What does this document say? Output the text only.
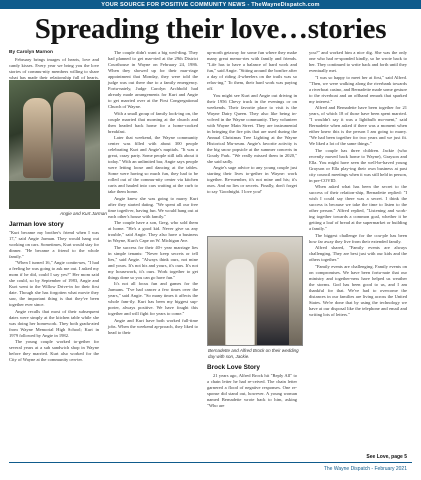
YOUR SOURCE FOR POSITIVE COMMUNITY NEWS - TheWayneDispatch.com
Spreading their love…stories
By Carolyn Marnon

February brings images of hearts, love and candy kisses. Every year we bring you the love stories of commu-nity members willing to share what has made their relationship full of hearts.

Angie and Kurt Jarman
Jarman love story

"Kurt became my brother's friend when I was 17," said Angie Jarman. They would hang out working on cars. Sometimes, Kurt would stay for dinner. "He became a friend to the whole family."

"When I turned 16," Angie contin-ues, "I had a feeling he was going to ask me out. I asked my mom if he did, could I say yes?" Her mom said she could, so by September of 1983, Angie and Kurt went to the Willow Drive-in for their first date. Though she has forgotten what movie they saw, the important thing is that they've been together ever since.

Angie recalls that most of their subsequent dates were simply at the kitchen table while she was doing her homework. They both gradu-ated from Wayne Memorial High School; Kurt in 1979 followed by Angie in 1982.

The young couple worked to-gether for several years at a sub sandwich shop in Wayne before they married. Kurt also worked for the City of Wayne at the community cen-ter.

The couple didn't want a big wed-ding. They had planned to get mar-ried at the 29th District Courthouse in Wayne on February 24, 1986. When they showed up for their mar-riage appointment that Monday, they were told the judge was out there due to a family emergency. Fortu-nately, Judge Carolyn Archbold had already made arrangements for Kurt and Angie to get married over at the First Congregational Church of Wayne.

With a small group of family look-ing on, the couple married that morning at the church and then headed back home for a home-cooked breakfast.

Later that weekend, the Wayne community center was filled with about 300 people celebrating Kurt and Angie's nuptials. "It was a great, crazy party. Some people still talk about it today." With an unlimited bar, Angie says people were letting loose and dancing at the tables. Some were having so much fun, they had to be rolled out of the commu-nity center via kitchen carts and hauled into cars waiting at the curb to take them home.

Angie knew she was going to marry Kurt after they started dating. "We spent all our free time togeth-er, having fun. We would hang out at each other's house with family."

The couple have a son, Greg, who sold them at home. "He's a good kid. Never give us any trouble," said Angie. They also have a business in Wayne, Kurt's Cape on W. Michigan Ave.

The success for their 40+ year marriage lies in simple tenants: "Never keep secrets or tell lies," said Angie. "Always think ours, not mine and yours. It's not his and yours, it's ours. It's not my housework, it's ours. Work together to get things done so you can go have fun."

It's not all focus fun and games for the Jarmans. "I've had cancer a few times over the years," said Angie. "So many times it affects the whole fam-ily. Kurt has been my biggest sup-porter, always positive. We have fought this together and will fight for years to come."

Angie and Kurt have both worked full-time jobs. When the weekend ap-proach, they liked to head to their

up-north getaway for some fun where they make many great memo-ries with family and friends. "Life has to have a balance of hard work and fun," said Angie. "Sitting around the bonfire after a day of riding 4-wheelers on the trails was so relax-ing." To them, their hard work was paying off.

You might see Kurt and Angie out driving in their 1956 Chevy truck in the evenings or on weekends. Their favorite place to visit is the Wayne Dairy Queen. They also like being in-volved in the Wayne community. They volunteer with Wayne Main Street. They are instrumental in bringing the fire pits that are used during the Annual Christmas Tree Lighting at the Wayne Historical Mu-seum. Angie's favorite activity is the big snow popsicle at the summer concerts in Goudy Park. "We really missed them in 2020," she said sadly.

Angie's sage advice to any young couple just starting their lives to-gether in Wayne: work together. Re-member, it's not mine and his; it's ours. And no lies or secrets. Finally, don't forget to say 'Goodnight. I love you!'

Bernadette and Alfred Brock on their wedding day with son, Jackie.
Brock Love Story

21 years ago, Alfred Brock hit "Reply All" to a chain letter he had re-ceived. The chain letter garnered a flood of negative responses. One re-sponse did stand out, however. A young woman named Bernadette wrote back to him, asking "Who are

you?" and worked him a nice dig. She was the only one who had re-sponded kindly, so he wrote back to her. They continued to write back and forth until they eventually met.

"I was so happy to meet her at first," said Alfred. "Then, we were walking along the riverbank towards a riverboat casino, and Bernadette made some gesture to the riverboat and an offhand remark that sparked my interest."

Alfred and Bernadette have been together for 21 years, of which 18 of those have been spent married. "I wouldn't say it was a lightbulb mo-ment," said Bernadette when asked if there was a moment when either knew this is the person I am going to marry. "We had been together for two years and we just fit. We liked a lot of the same things."

The couple has three children. Jackie (who recently moved back home to Wayne), Grayson and Ella. You might have seen the well-be-haved young Grayson or Ella play-ing their own business at past city council meetings when it was still held in person, in pre-COVID.

When asked what has been the secret to the success of their relation-ship, Bernadette replied: "I wish I could say there was a secret. I think the success is because we take the time to listen to the other person." Alfred replied, "Listening and work-ing together towards a common goal, whether it be getting a loaf of bread at the supermarket or building a family."

The biggest challenge for the cou-ple has been how far away they live from their extended family.

Alfred shared, "Family events are always challenging. They are best just with our kids and the others together."

"Family events are challenging. Family events on on compromises. We have been fortu-nate that our ministry and together-ness have helped us weather the storms. God has been good to us, and I am thankful for that. We've had to overcome the distances in our families are living across the United States. We're done that by using the technology we have at our disposal like the telephone and email and writing lots of letters."

See Love, page 5
The Wayne Dispatch - February 2021
